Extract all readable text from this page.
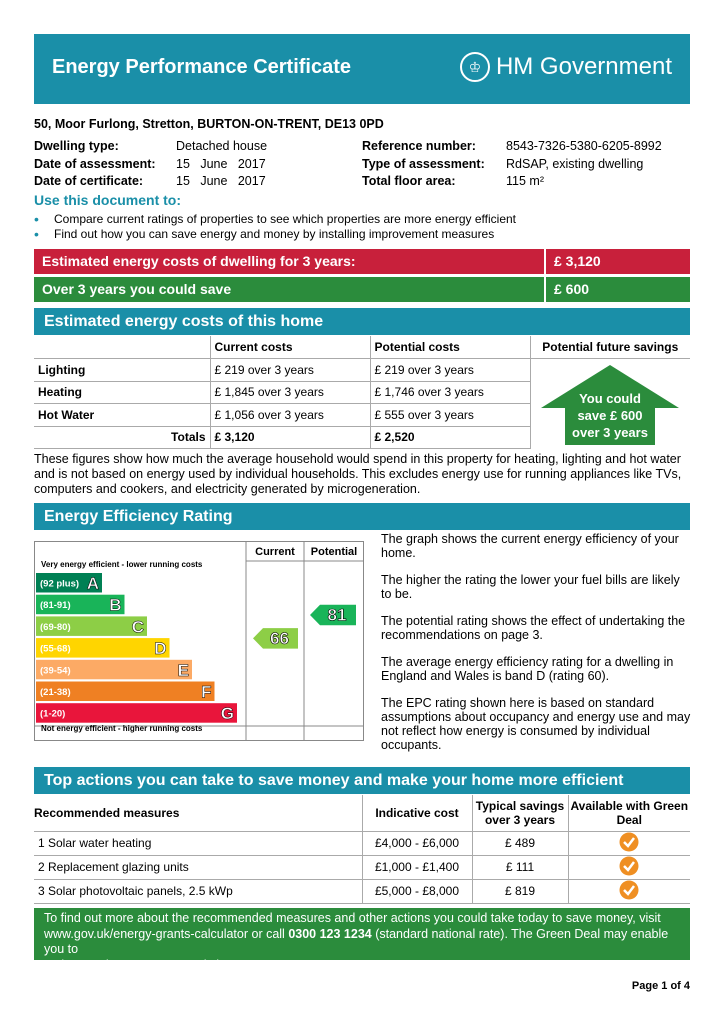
Energy Performance Certificate	♔ HM Government
50, Moor Furlong, Stretton, BURTON-ON-TRENT, DE13 0PD
Dwelling type:	Detached house
Date of assessment:	15   June   2017
Date of certificate:	15   June   2017
Reference number:	8543-7326-5380-6205-8992
Type of assessment:	RdSAP, existing dwelling
Total floor area:	115 m²
Use this document to:
•	Compare current ratings of properties to see which properties are more energy efficient
•	Find out how you can save energy and money by installing improvement measures
Estimated energy costs of dwelling for 3 years:	£ 3,120
Over 3 years you could save	£ 600
Estimated energy costs of this home
	Current costs	Potential costs	Potential future savings
Lighting	£ 219 over 3 years	£ 219 over 3 years	
Heating	£ 1,845 over 3 years	£ 1,746 over 3 years	
Hot Water	£ 1,056 over 3 years	£ 555 over 3 years	
Totals	£ 3,120	£ 2,520	
You could
save £ 600
over 3 years
These figures show how much the average household would spend in this property for heating, lighting and hot water and is not based on energy used by individual households. This excludes energy use for running appliances like TVs, computers and cookers, and electricity generated by microgeneration.
Energy Efficiency Rating
Current Potential
Very energy efficient - lower running costs
Not energy efficient - higher running costs
(92 plus) A
(81-91) B
(69-80)	C
(55-68)	D
(39-54)	E
(21-38)	F
(1-20)	G
66
81

The graph shows the current energy efficiency of your home.

The higher the rating the lower your fuel bills are likely to be.

The potential rating shows the effect of undertaking the recommendations on page 3.

The average energy efficiency rating for a dwelling in England and Wales is band D (rating 60).

The EPC rating shown here is based on standard assumptions about occupancy and energy use and may not reflect how energy is consumed by individual occupants.

Top actions you can take to save money and make your home more efficient
Recommended measures	Indicative cost	Typical savings over 3 years	Available with Green Deal
1 Solar water heating	£4,000 - £6,000	£ 489	
2 Replacement glazing units	£1,000 - £1,400	£ 111	
3 Solar photovoltaic panels, 2.5 kWp	£5,000 - £8,000	£ 819	
To find out more about the recommended measures and other actions you could take today to save money, visit
www.gov.uk/energy-grants-calculator or call 0300 123 1234 (standard national rate). The Green Deal may enable you to
make your home warmer and cheaper to run.
Page 1 of 4
